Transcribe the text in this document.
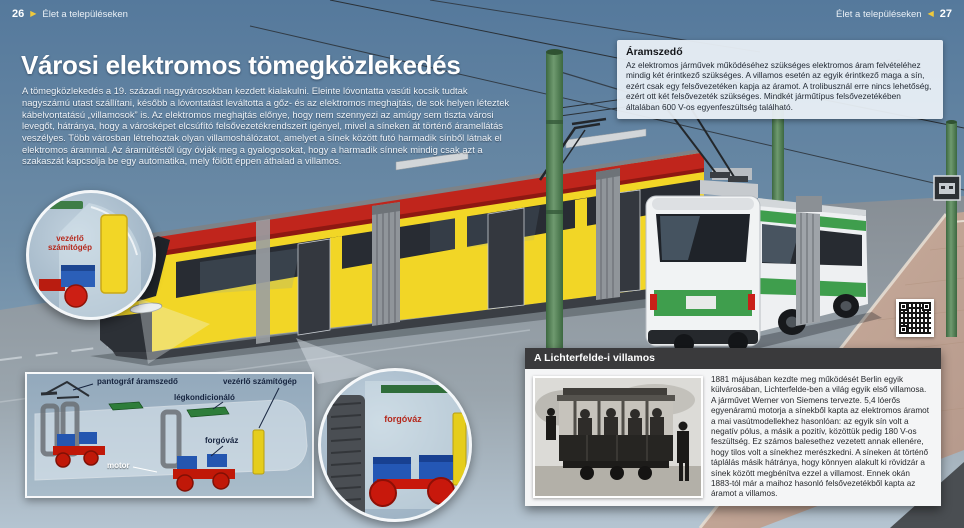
26 ▶ Élet a településeken	Élet a településeken ◀ 27
Városi elektromos tömegközlekedés

A tömegközlekedés a 19. századi nagyvárosokban kezdett kialakulni. Eleinte lóvontatta vasúti kocsik tudtak nagyszámú utast szállítani, később a lóvontatást leváltotta a gőz- és az elektromos meghajtás, de sok helyen léteztek kábelvontatású „villamosok” is. Az elektromos meghajtás előnye, hogy nem szennyezi az amúgy sem tiszta városi levegőt, hátránya, hogy a városképet elcsúfító felsővezetékrendszert igényel, mivel a síneken át történő áramellátás veszélyes. Több városban létrehoztak olyan villamoshálózatot, amelyet a sínek között futó harmadik sínből látnak el elektromos árammal. Az áramütéstől úgy óvják meg a gyalogosokat, hogy a harmadik sínnek mindig csak azt a szakaszát kapcsolja be egy automatika, mely fölött éppen áthalad a villamos.

Áramszedő

Az elektromos járművek működéséhez szükséges elektromos áram felvételéhez mindig két érintkező szükséges. A villamos esetén az egyik érintkező maga a sín, ezért csak egy felsővezetéken kapja az áramot. A trolibusznál erre nincs lehetőség, ezért ott két felsővezeték szükséges. Mindkét járműtípus felsővezetékében általában 600 V-os egyenfeszültség található.

vezérlő számítógép
pantográf áramszedő	vezérlő számítógép
légkondicionáló
forgóváz
motor
forgóváz
A Lichterfelde-i villamos
1881 májusában kezdte meg működését Berlin egyik külvárosában, Lichterfelde-ben a világ egyik első villamosa. A járművet Werner von Siemens tervezte. 5,4 lóerős egyenáramú motorja a sínekből kapta az elektromos áramot a mai vasútmodellekhez hasonlóan: az egyik sín volt a negatív pólus, a másik a pozitív, közöttük pedig 180 V-os feszültség. Ez számos balesethez vezetett annak ellenére, hogy tilos volt a sínekhez merészkedni. A síneken át történő táplálás másik hátránya, hogy könnyen alakult ki rövidzár a sínek között megbénítva ezzel a villamost. Ennek okán 1883-tól már a maihoz hasonló felsővezetékből kapta az áramot a villamos.
